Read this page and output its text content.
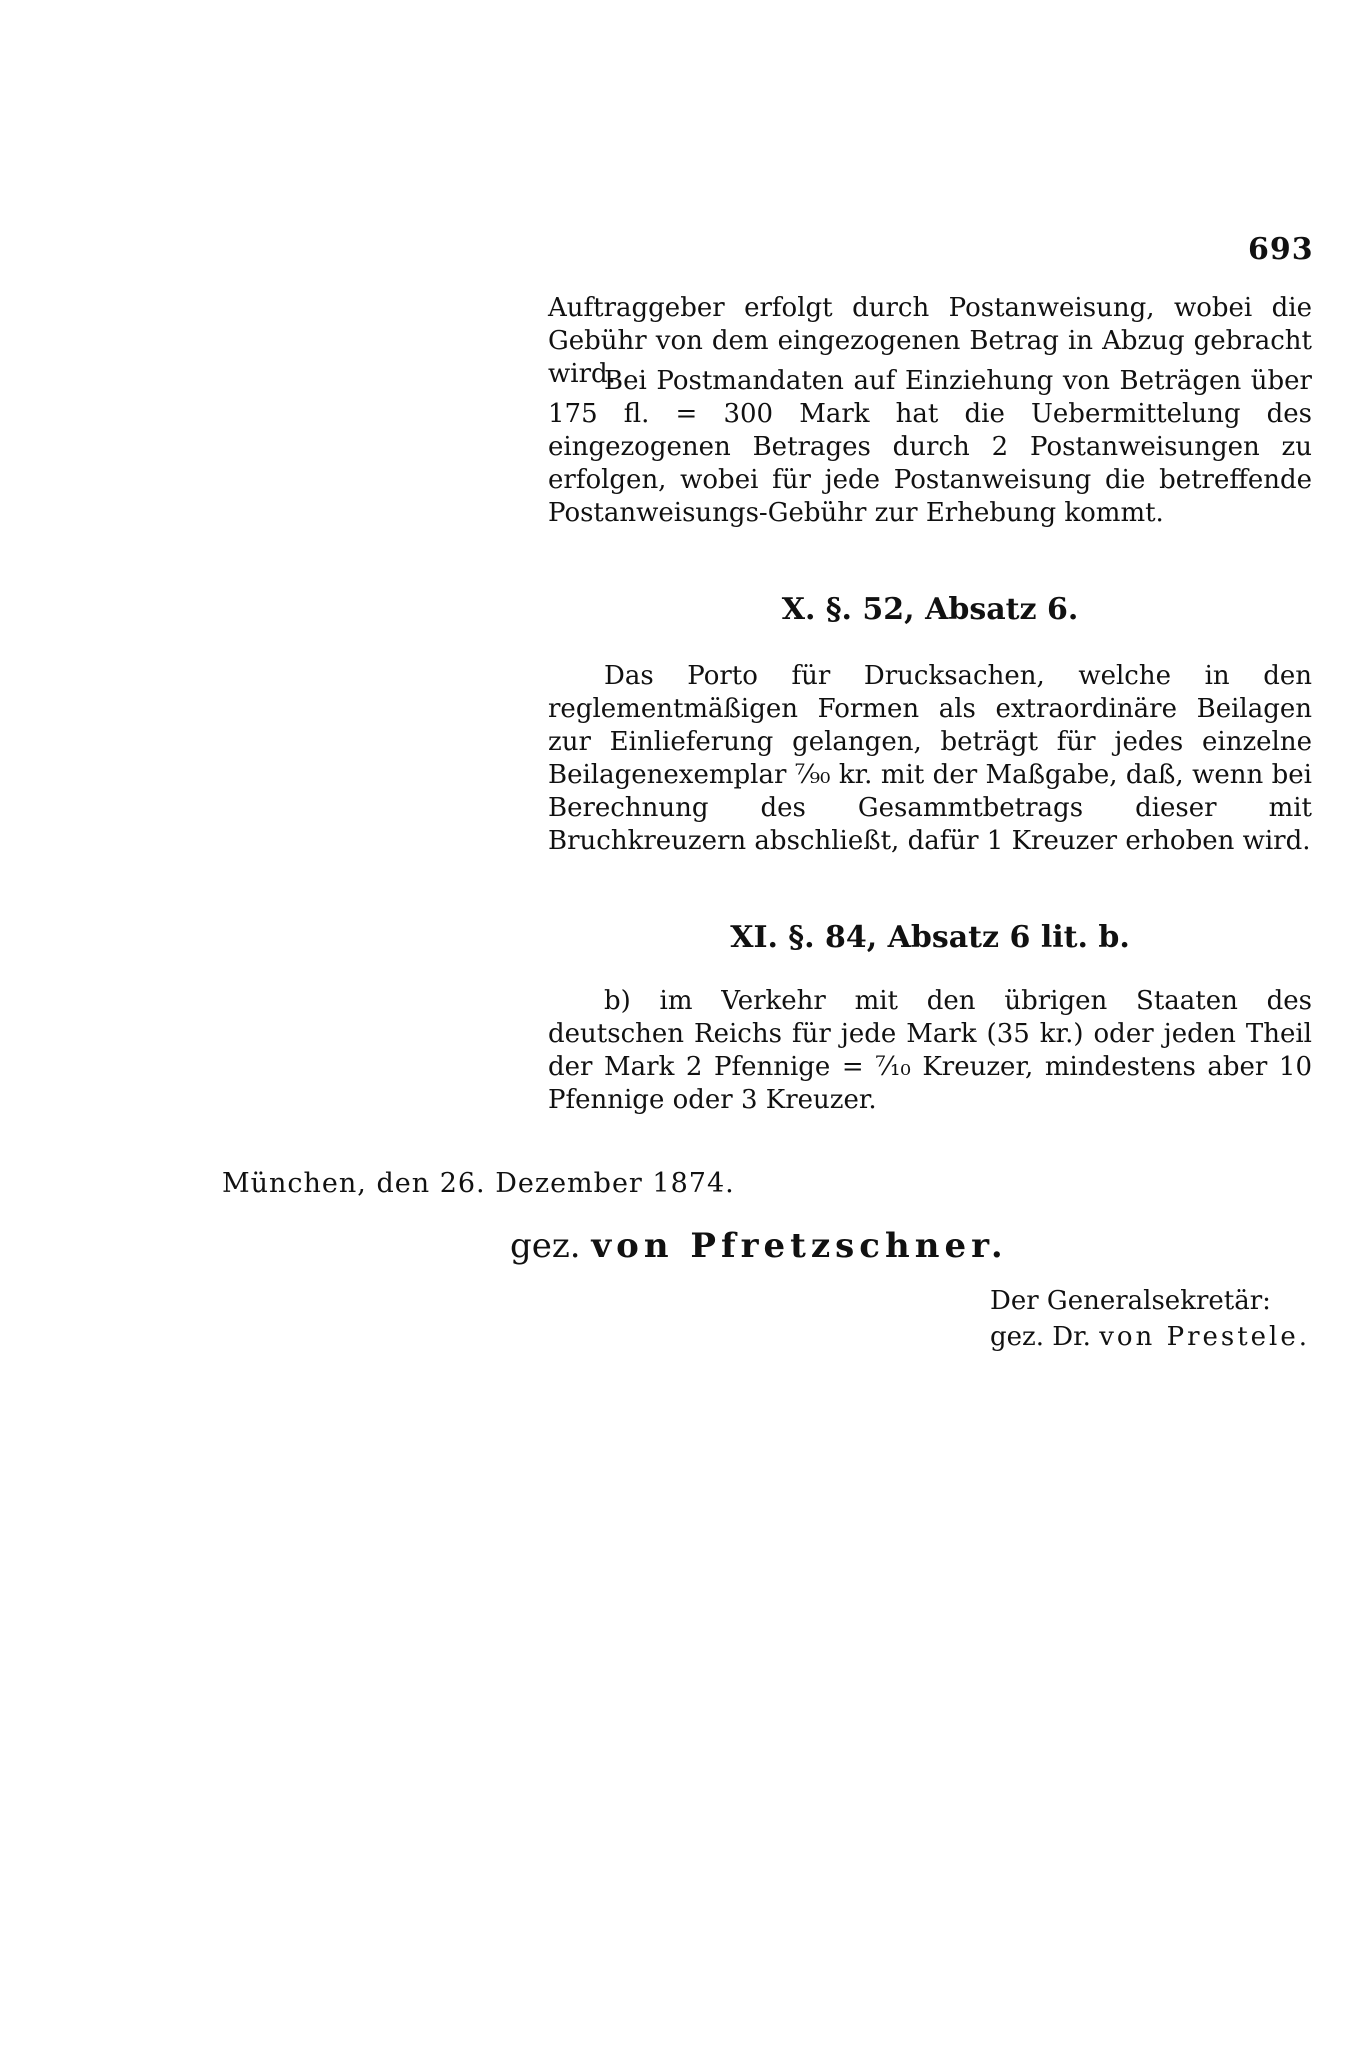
693

Auftraggeber erfolgt durch Postanweisung, wobei die Gebühr von dem eingezogenen Betrag in Abzug gebracht wird.

Bei Postmandaten auf Einziehung von Beträgen über 175 fl. = 300 Mark hat die Uebermittelung des eingezogenen Betrages durch 2 Postanweisungen zu erfolgen, wobei für jede Postanweisung die betreffende Postanweisungs-Gebühr zur Erhebung kommt.

X. §. 52, Absatz 6.

Das Porto für Drucksachen, welche in den reglementmäßigen Formen als extraordinäre Beilagen zur Einlieferung gelangen, beträgt für jedes einzelne Beilagenexemplar ⁷⁄₉₀ kr. mit der Maßgabe, daß, wenn bei Berechnung des Gesammtbetrags dieser mit Bruchkreuzern abschließt, dafür 1 Kreuzer erhoben wird.

XI. §. 84, Absatz 6 lit. b.

b) im Verkehr mit den übrigen Staaten des deutschen Reichs für jede Mark (35 kr.) oder jeden Theil der Mark 2 Pfennige = ⁷⁄₁₀ Kreuzer, mindestens aber 10 Pfennige oder 3 Kreuzer.

München, den 26. Dezember 1874.
gez. von Pfretzschner.
Der Generalsekretär:
gez. Dr. von Prestele.
